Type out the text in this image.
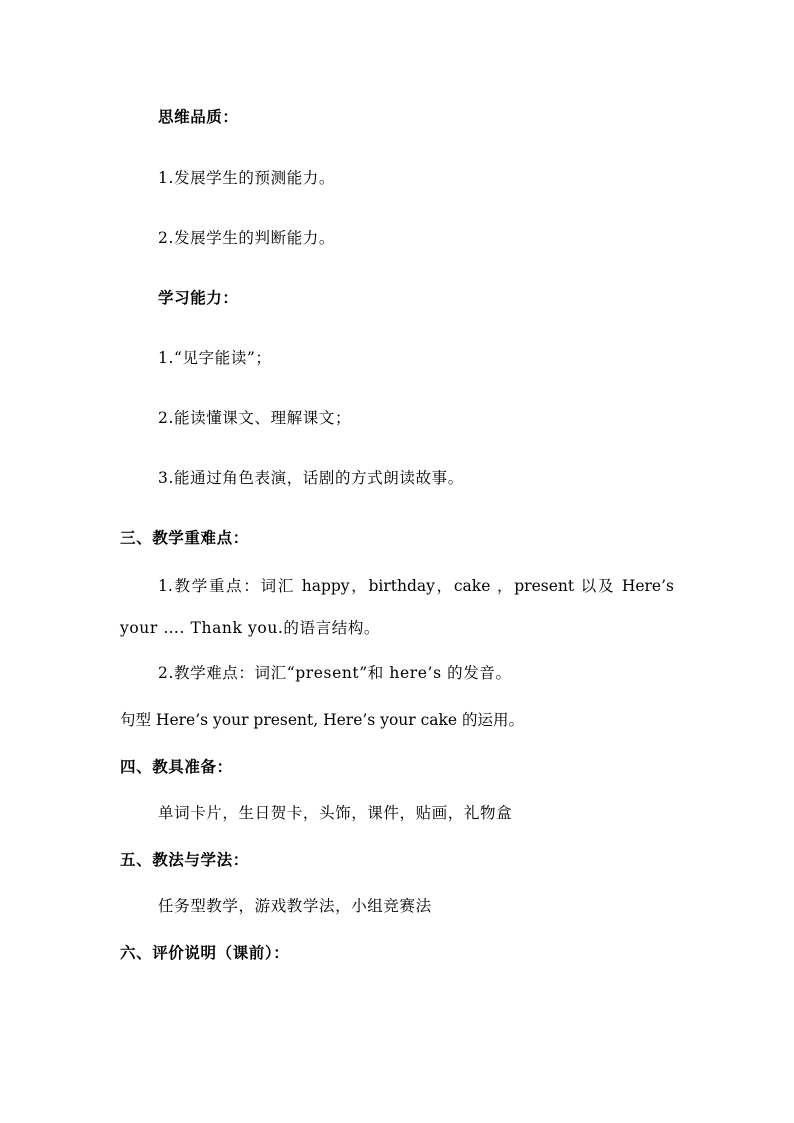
思维品质：
1.发展学生的预测能力。
2.发展学生的判断能力。
学习能力：
1.“见字能读”；
2.能读懂课文、理解课文；
3.能通过角色表演，话剧的方式朗读故事。
三、教学重难点：
1.教学重点：词汇 happy，birthday，cake ，present 以及 Here’s
your …. Thank you.的语言结构。
2.教学难点：词汇“present”和 here’s 的发音。
句型 Here’s your present, Here’s your cake 的运用。
四、教具准备：
单词卡片，生日贺卡，头饰，课件，贴画，礼物盒
五、教法与学法：
任务型教学，游戏教学法，小组竞赛法
六、评价说明（课前）：
